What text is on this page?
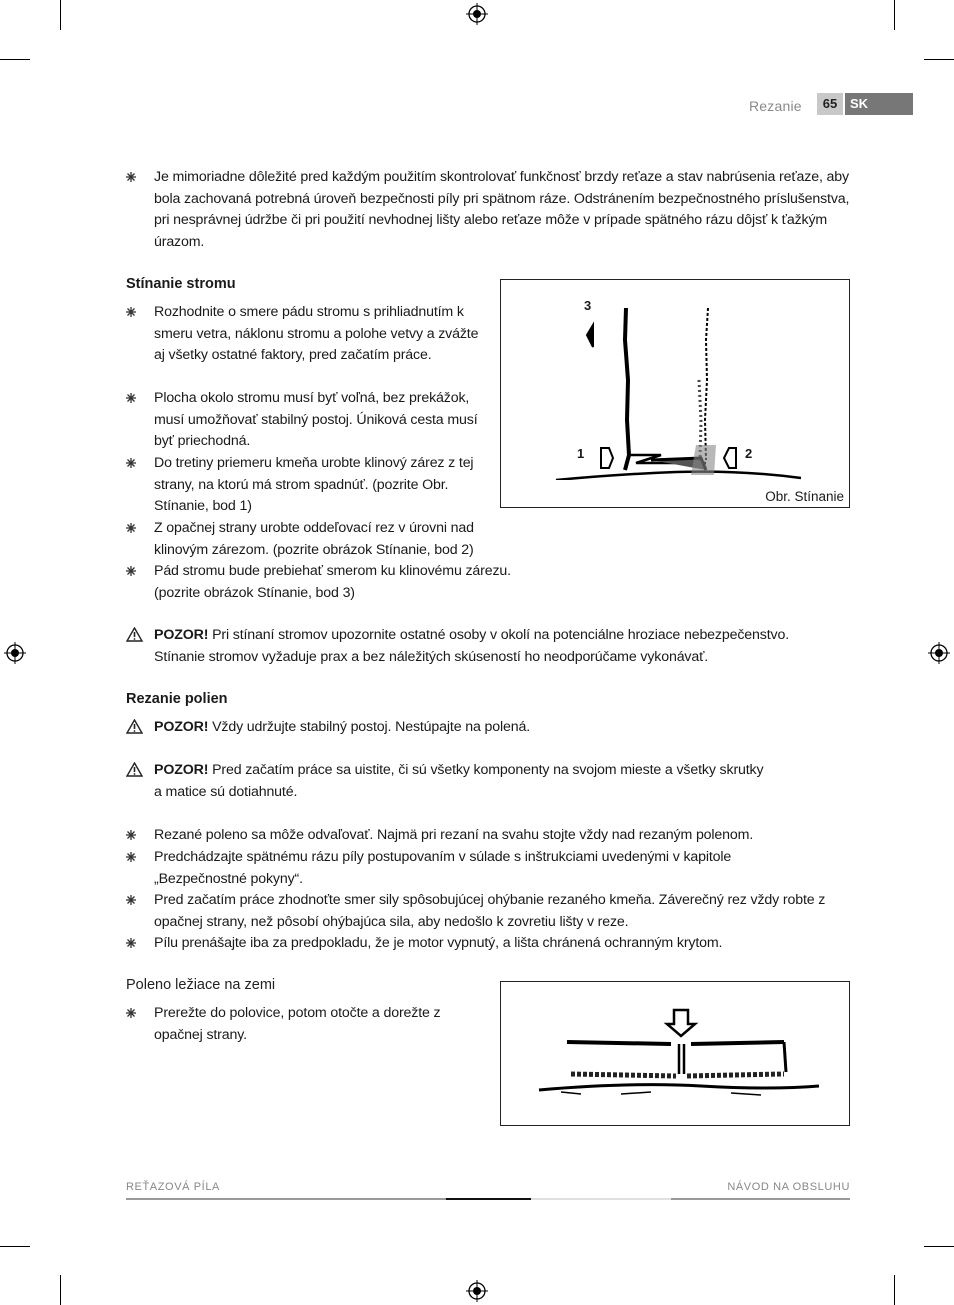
Rezanie	65 SK
Je mimoriadne dôležité pred každým použitím skontrolovať funkčnosť brzdy reťaze a stav nabrúsenia reťaze, aby bola zachovaná potrebná úroveň bezpečnosti píly pri spätnom ráze. Odstránením bezpečnostného príslušenstva, pri nesprávnej údržbe či pri použití nevhodnej lišty alebo reťaze môže v prípade spätného rázu dôjsť k ťažkým úrazom.
Stínanie stromu
Rozhodnite o smere pádu stromu s prihliadnutím k smeru vetra, náklonu stromu a polohe vetvy a zvážte aj všetky ostatné faktory, pred začatím práce.
Plocha okolo stromu musí byť voľná, bez prekážok, musí umožňovať stabilný postoj. Úniková cesta musí byť priechodná.
Do tretiny priemeru kmeňa urobte klinový zárez z tej strany, na ktorú má strom spadnúť. (pozrite Obr. Stínanie, bod 1)
Z opačnej strany urobte oddeľovací rez v úrovni nad klinovým zárezom. (pozrite obrázok Stínanie, bod 2)
Pád stromu bude prebiehať smerom ku klinovému zárezu. (pozrite obrázok Stínanie, bod 3)
1	2
3
Obr. Stínanie
POZOR! Pri stínaní stromov upozornite ostatné osoby v okolí na potenciálne hroziace nebezpečenstvo.
Stínanie stromov vyžaduje prax a bez náležitých skúseností ho neodporúčame vykonávať.
Rezanie polien
POZOR! Vždy udržujte stabilný postoj. Nestúpajte na polená.
POZOR! Pred začatím práce sa uistite, či sú všetky komponenty na svojom mieste a všetky skrutky
a matice sú dotiahnuté.
Rezané poleno sa môže odvaľovať. Najmä pri rezaní na svahu stojte vždy nad rezaným polenom.
Predchádzajte spätnému rázu píly postupovaním v súlade s inštrukciami uvedenými v kapitole „Bezpečnostné pokyny“.
Pred začatím práce zhodnoťte smer sily spôsobujúcej ohýbanie rezaného kmeňa. Záverečný rez vždy robte z opačnej strany, než pôsobí ohýbajúca sila, aby nedošlo k zovretiu lišty v reze.
Pílu prenášajte iba za predpokladu, že je motor vypnutý, a lišta chránená ochranným krytom.
Poleno ležiace na zemi
Prerežte do polovice, potom otočte a dorežte z opačnej strany.
REŤAZOVÁ PÍLA	NÁVOD NA OBSLUHU
